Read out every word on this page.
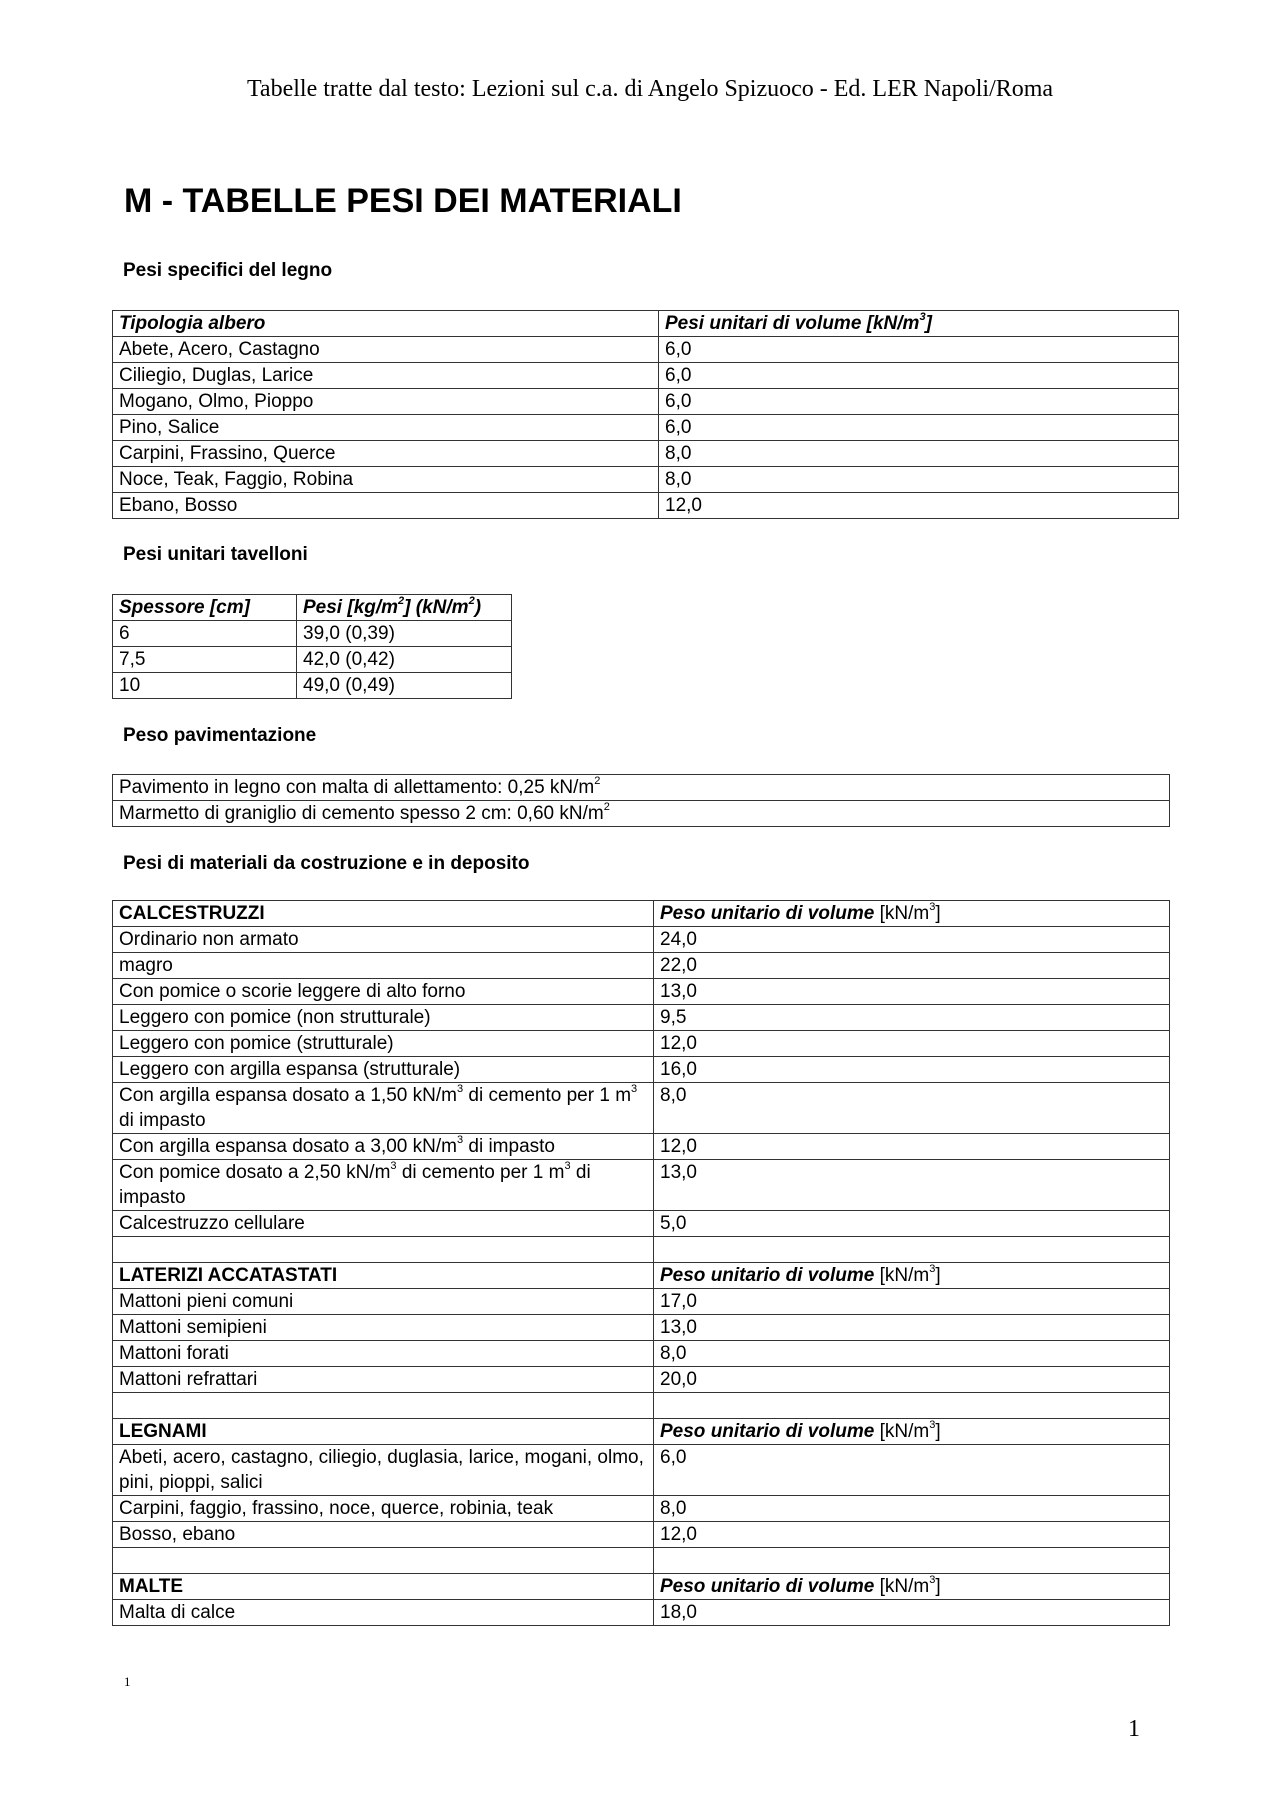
Tabelle tratte dal testo: Lezioni sul c.a. di Angelo Spizuoco - Ed. LER Napoli/Roma
M - TABELLE PESI DEI MATERIALI
Pesi specifici del legno
Tipologia albero	Pesi unitari di volume $[kN/m^3]$
Abete, Acero, Castagno	6,0
Ciliegio, Duglas, Larice	6,0
Mogano, Olmo, Pioppo	6,0
Pino, Salice	6,0
Carpini, Frassino, Querce	8,0
Noce, Teak, Faggio, Robina	8,0
Ebano, Bosso	12,0
Pesi unitari tavelloni
Spessore [cm]	Pesi $[kg/m^2]$ $(kN/m^2)$
6	39,0 (0,39)
7,5	42,0 (0,42)
10	49,0 (0,49)
Peso pavimentazione
Pavimento in legno con malta di allettamento: 0,25 $kN/m^2$
Marmetto di graniglio di cemento spesso 2 cm: 0,60 $kN/m^2$
Pesi di materiali da costruzione e in deposito
CALCESTRUZZI	Peso unitario di volume $[kN/m^3]$
Ordinario non armato	24,0
magro	22,0
Con pomice o scorie leggere di alto forno	13,0
Leggero con pomice (non strutturale)	9,5
Leggero con pomice (strutturale)	12,0
Leggero con argilla espansa (strutturale)	16,0
Con argilla espansa dosato a 1,50 $kN/m^3$ di cemento per 1 $m^3$ di impasto	8,0
Con argilla espansa dosato a 3,00 $kN/m^3$ di impasto	12,0
Con pomice dosato a 2,50 $kN/m^3$ di cemento per 1 $m^3$ di impasto	13,0
Calcestruzzo cellulare	5,0

LATERIZI ACCATASTATI	Peso unitario di volume $[kN/m^3]$
Mattoni pieni comuni	17,0
Mattoni semipieni	13,0
Mattoni forati	8,0
Mattoni refrattari	20,0

LEGNAMI	Peso unitario di volume $[kN/m^3]$
Abeti, acero, castagno, ciliegio, duglasia, larice, mogani, olmo, pini, pioppi, salici	6,0
Carpini, faggio, frassino, noce, querce, robinia, teak	8,0
Bosso, ebano	12,0

MALTE	Peso unitario di volume $[kN/m^3]$
Malta di calce	18,0
1
1
